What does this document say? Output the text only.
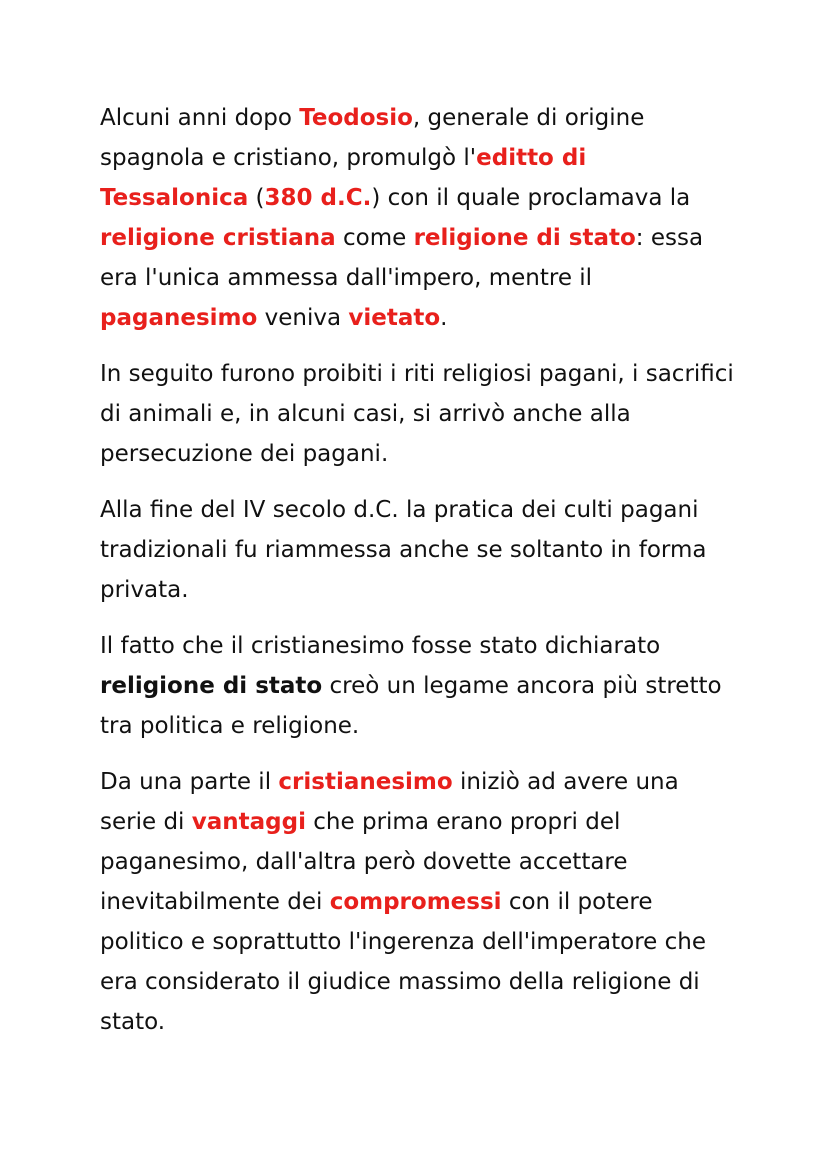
Alcuni anni dopo Teodosio, generale di origine spagnola e cristiano, promulgò l'editto di Tessalonica (380 d.C.) con il quale proclamava la religione cristiana come religione di stato: essa era l'unica ammessa dall'impero, mentre il paganesimo veniva vietato.

In seguito furono proibiti i riti religiosi pagani, i sacrifici di animali e, in alcuni casi, si arrivò anche alla persecuzione dei pagani.

Alla fine del IV secolo d.C. la pratica dei culti pagani tradizionali fu riammessa anche se soltanto in forma privata.

Il fatto che il cristianesimo fosse stato dichiarato religione di stato creò un legame ancora più stretto tra politica e religione.

Da una parte il cristianesimo iniziò ad avere una serie di vantaggi che prima erano propri del paganesimo, dall'altra però dovette accettare inevitabilmente dei compromessi con il potere politico e soprattutto l'ingerenza dell'imperatore che era considerato il giudice massimo della religione di stato.
